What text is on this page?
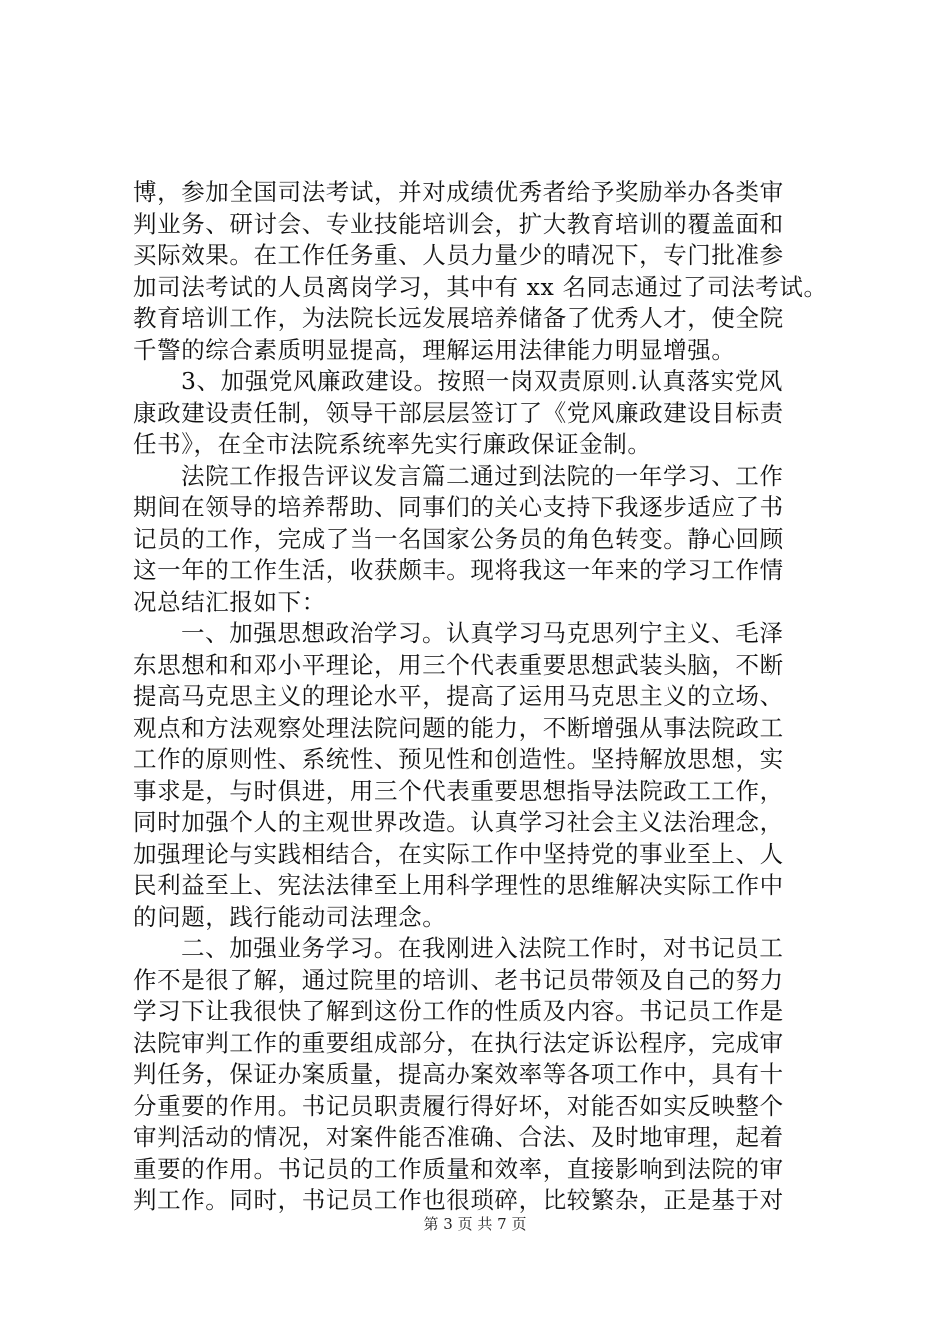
博，参加全国司法考试，并对成绩优秀者给予奖励举办各类审
判业务、研讨会、专业技能培训会，扩大教育培训的覆盖面和
买际效果。在工作任务重、人员力量少的晴况下，专门批准参
加司法考试的人员离岗学习，其中有 xx 名同志通过了司法考试。
教育培训工作，为法院长远发展培养储备了优秀人才，使全院
千警的综合素质明显提高，理解运用法律能力明显增强。
3、加强党风廉政建设。按照一岗双责原则.认真落实党风
康政建设责任制，领导干部层层签订了《党风廉政建设目标责
任书》，在全市法院系统率先实行廉政保证金制。
法院工作报告评议发言篇二通过到法院的一年学习、工作
期间在领导的培养帮助、同事们的关心支持下我逐步适应了书
记员的工作，完成了当一名国家公务员的角色转变。静心回顾
这一年的工作生活，收获颇丰。现将我这一年来的学习工作情
况总结汇报如下：
一、加强思想政治学习。认真学习马克思列宁主义、毛泽
东思想和和邓小平理论，用三个代表重要思想武装头脑，不断
提高马克思主义的理论水平，提高了运用马克思主义的立场、
观点和方法观察处理法院问题的能力，不断增强从事法院政工
工作的原则性、系统性、预见性和创造性。坚持解放思想，实
事求是，与时俱进，用三个代表重要思想指导法院政工工作，
同时加强个人的主观世界改造。认真学习社会主义法治理念，
加强理论与实践相结合，在实际工作中坚持党的事业至上、人
民利益至上、宪法法律至上用科学理性的思维解决实际工作中
的问题，践行能动司法理念。
二、加强业务学习。在我刚进入法院工作时，对书记员工
作不是很了解，通过院里的培训、老书记员带领及自己的努力
学习下让我很快了解到这份工作的性质及内容。书记员工作是
法院审判工作的重要组成部分，在执行法定诉讼程序，完成审
判任务，保证办案质量，提高办案效率等各项工作中，具有十
分重要的作用。书记员职责履行得好坏，对能否如实反映整个
审判活动的情况，对案件能否准确、合法、及时地审理，起着
重要的作用。书记员的工作质量和效率，直接影响到法院的审
判工作。同时，书记员工作也很琐碎，比较繁杂，正是基于对
第 3 页 共 7 页
